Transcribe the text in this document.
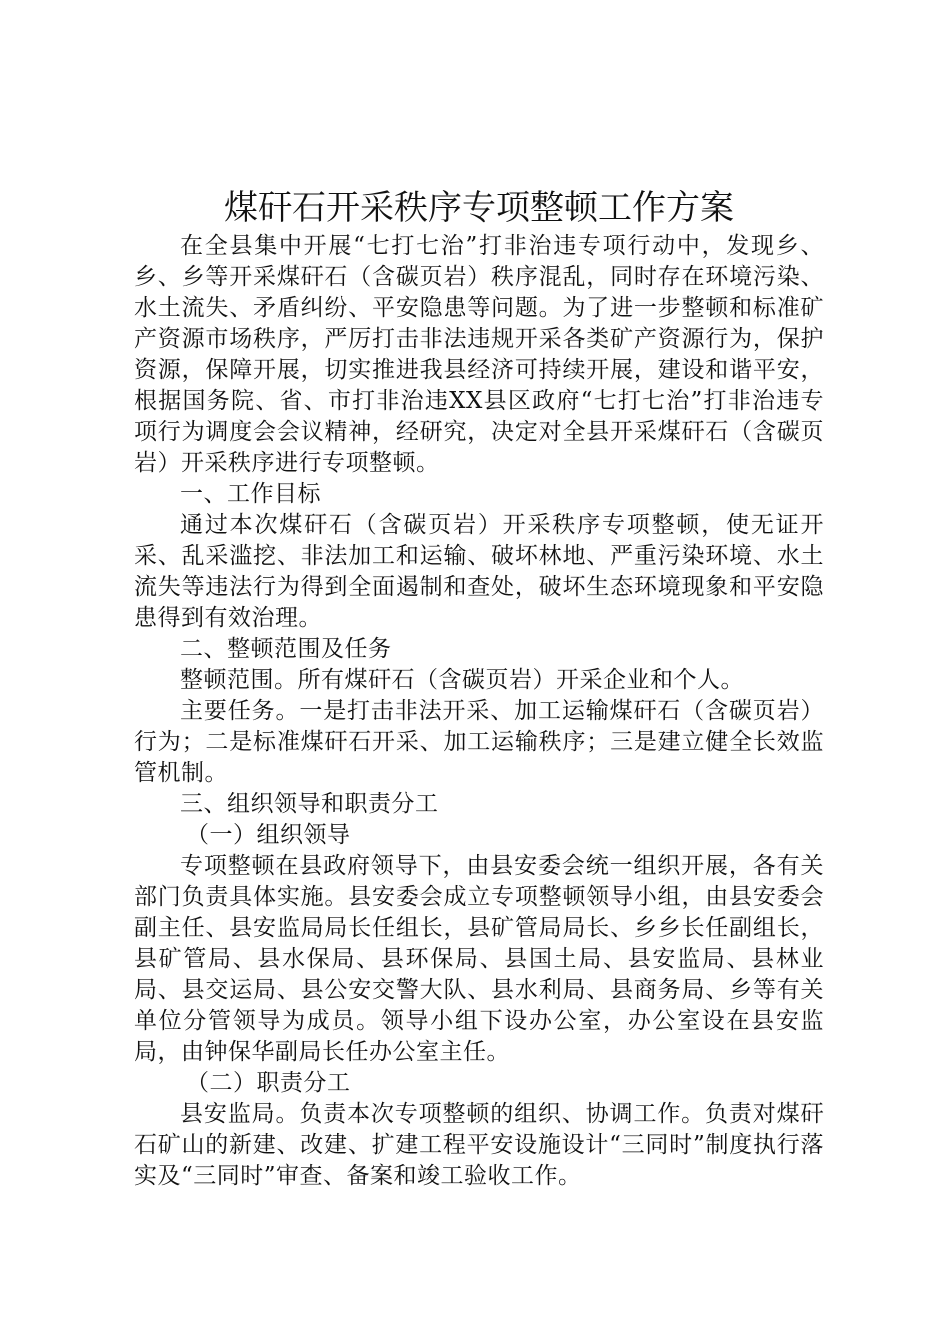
煤矸石开采秩序专项整顿工作方案

在全县集中开展“七打七治”打非治违专项行动中，发现乡、乡、乡等开采煤矸石（含碳页岩）秩序混乱，同时存在环境污染、水土流失、矛盾纠纷、平安隐患等问题。为了进一步整顿和标准矿产资源市场秩序，严厉打击非法违规开采各类矿产资源行为，保护资源，保障开展，切实推进我县经济可持续开展，建设和谐平安，根据国务院、省、市打非治违XX县区政府“七打七治”打非治违专项行为调度会会议精神，经研究，决定对全县开采煤矸石（含碳页岩）开采秩序进行专项整顿。

一、工作目标

通过本次煤矸石（含碳页岩）开采秩序专项整顿，使无证开采、乱采滥挖、非法加工和运输、破坏林地、严重污染环境、水土流失等违法行为得到全面遏制和查处，破坏生态环境现象和平安隐患得到有效治理。

二、整顿范围及任务

整顿范围。所有煤矸石（含碳页岩）开采企业和个人。

主要任务。一是打击非法开采、加工运输煤矸石（含碳页岩）行为；二是标准煤矸石开采、加工运输秩序；三是建立健全长效监管机制。

三、组织领导和职责分工

（一）组织领导

专项整顿在县政府领导下，由县安委会统一组织开展，各有关部门负责具体实施。县安委会成立专项整顿领导小组，由县安委会副主任、县安监局局长任组长，县矿管局局长、乡乡长任副组长，县矿管局、县水保局、县环保局、县国土局、县安监局、县林业局、县交运局、县公安交警大队、县水利局、县商务局、乡等有关单位分管领导为成员。领导小组下设办公室，办公室设在县安监局，由钟保华副局长任办公室主任。

（二）职责分工

县安监局。负责本次专项整顿的组织、协调工作。负责对煤矸石矿山的新建、改建、扩建工程平安设施设计“三同时”制度执行落实及“三同时”审查、备案和竣工验收工作。
